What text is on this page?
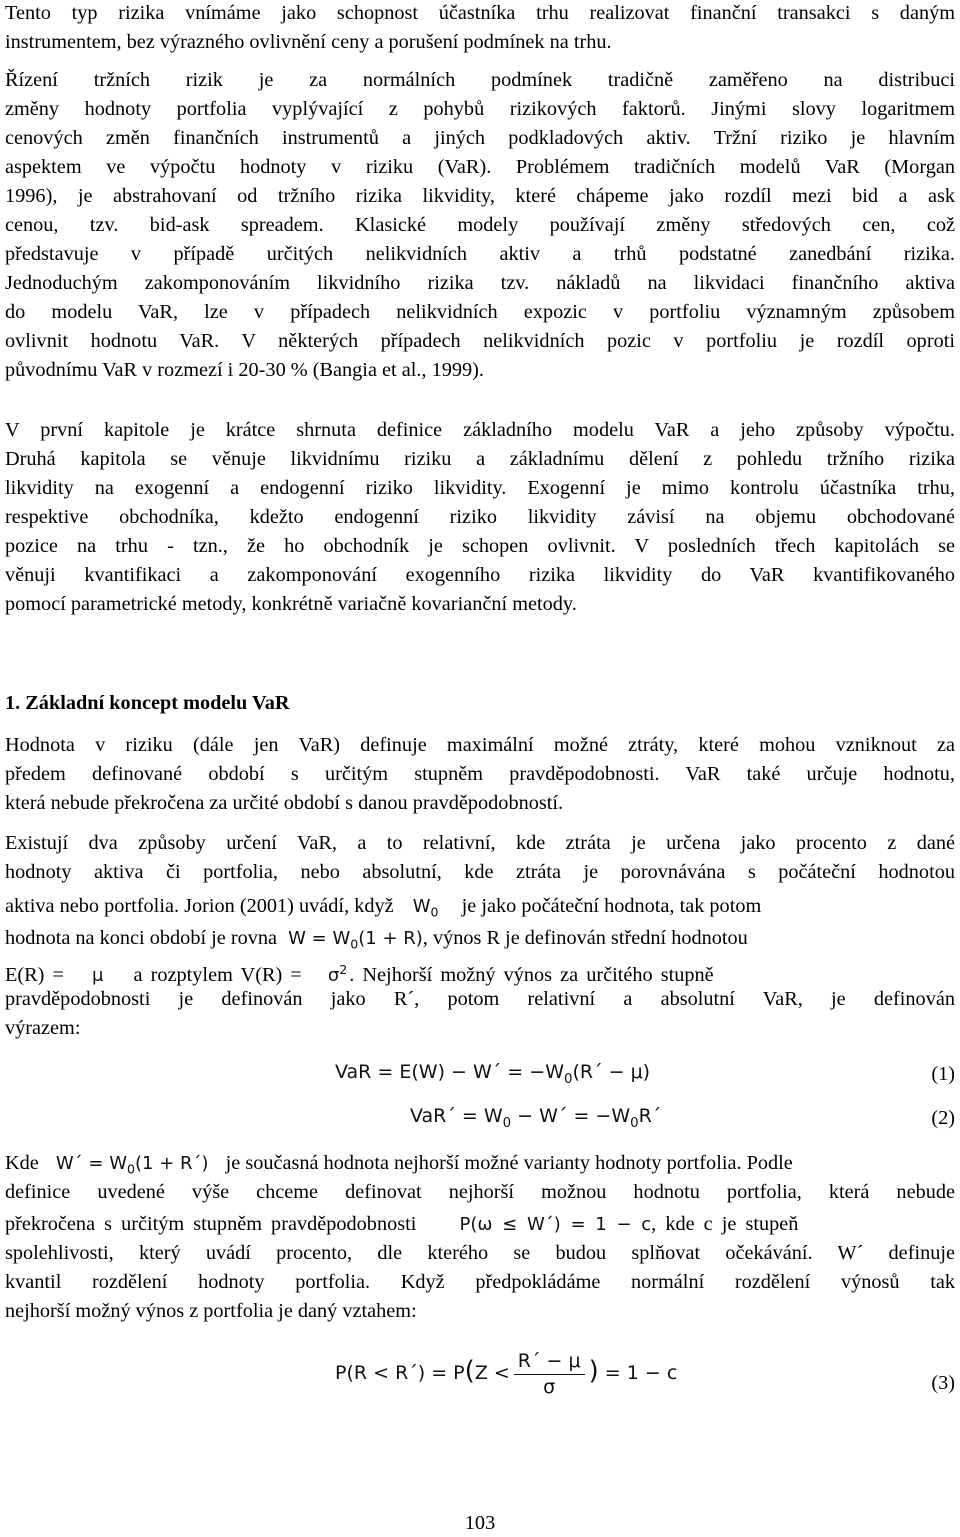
Tento typ rizika vnímáme jako schopnost účastníka trhu realizovat finanční transakci s daným
instrumentem, bez výrazného ovlivnění ceny a porušení podmínek na trhu.
Řízení tržních rizik je za normálních podmínek tradičně zaměřeno na distribuci
změny hodnoty portfolia vyplývající z pohybů rizikových faktorů. Jinými slovy logaritmem
cenových změn finančních instrumentů a jiných podkladových aktiv. Tržní riziko je hlavním
aspektem ve výpočtu hodnoty v riziku (VaR). Problémem tradičních modelů VaR (Morgan
1996), je abstrahovaní od tržního rizika likvidity, které chápeme jako rozdíl mezi bid a ask
cenou, tzv. bid-ask spreadem. Klasické modely používají změny středových cen, což
představuje v případě určitých nelikvidních aktiv a trhů podstatné zanedbání rizika.
Jednoduchým zakomponováním likvidního rizika tzv. nákladů na likvidaci finančního aktiva
do modelu VaR, lze v případech nelikvidních expozic v portfoliu významným způsobem
ovlivnit hodnotu VaR. V některých případech nelikvidních pozic v portfoliu je rozdíl oproti
původnímu VaR v rozmezí i 20-30 % (Bangia et al., 1999).
V první kapitole je krátce shrnuta definice základního modelu VaR a jeho způsoby výpočtu.
Druhá kapitola se věnuje likvidnímu riziku a základnímu dělení z pohledu tržního rizika
likvidity na exogenní a endogenní riziko likvidity. Exogenní je mimo kontrolu účastníka trhu,
respektive obchodníka, kdežto endogenní riziko likvidity závisí na objemu obchodované
pozice na trhu - tzn., že ho obchodník je schopen ovlivnit. V posledních třech kapitolách se
věnuji kvantifikaci a zakomponování exogenního rizika likvidity do VaR kvantifikovaného
pomocí parametrické metody, konkrétně variačně kovarianční metody.
1. Základní koncept modelu VaR
Hodnota v riziku (dále jen VaR) definuje maximální možné ztráty, které mohou vzniknout za
předem definované období s určitým stupněm pravděpodobnosti. VaR také určuje hodnotu,
která nebude překročena za určité období s danou pravděpodobností.
Existují dva způsoby určení VaR, a to relativní, kde ztráta je určena jako procento z dané
hodnoty aktiva či portfolia, nebo absolutní, kde ztráta je porovnávána s počáteční hodnotou
aktiva nebo portfolia. Jorion (2001) uvádí, když $W_0$ je jako počáteční hodnota, tak potom
hodnota na konci období je rovna $W = W_0(1 + R)$, výnos R je definován střední hodnotou
E(R) = μ a rozptylem $V(R) = \sigma^2$. Nejhorší možný výnos za určitého stupně
pravděpodobnosti je definován jako R´, potom relativní a absolutní VaR, je definován
výrazem:
VaR = E(W) − W´ = $-W_0(R´ - \mu)$	(1)
VaR´ = $W_0$ − W´ = $-W_0R´$	(2)
Kde W´ = $W_0(1$ + R´) je současná hodnota nejhorší možné varianty hodnoty portfolia. Podle
definice uvedené výše chceme definovat nejhorší možnou hodnotu portfolia, která nebude
překročena s určitým stupněm pravděpodobnosti P(ω ≤ W´) = 1 − c, kde c je stupeň
spolehlivosti, který uvádí procento, dle kterého se budou splňovat očekávání. W´ definuje
kvantil rozdělení hodnoty portfolia. Když předpokládáme normální rozdělení výnosů tak
nejhorší možný výnos z portfolia je daný vztahem:
P(R < R´) = $P(Z < \frac{R´ - \mu}{\sigma}$ ) = 1 − c	(3)
103
